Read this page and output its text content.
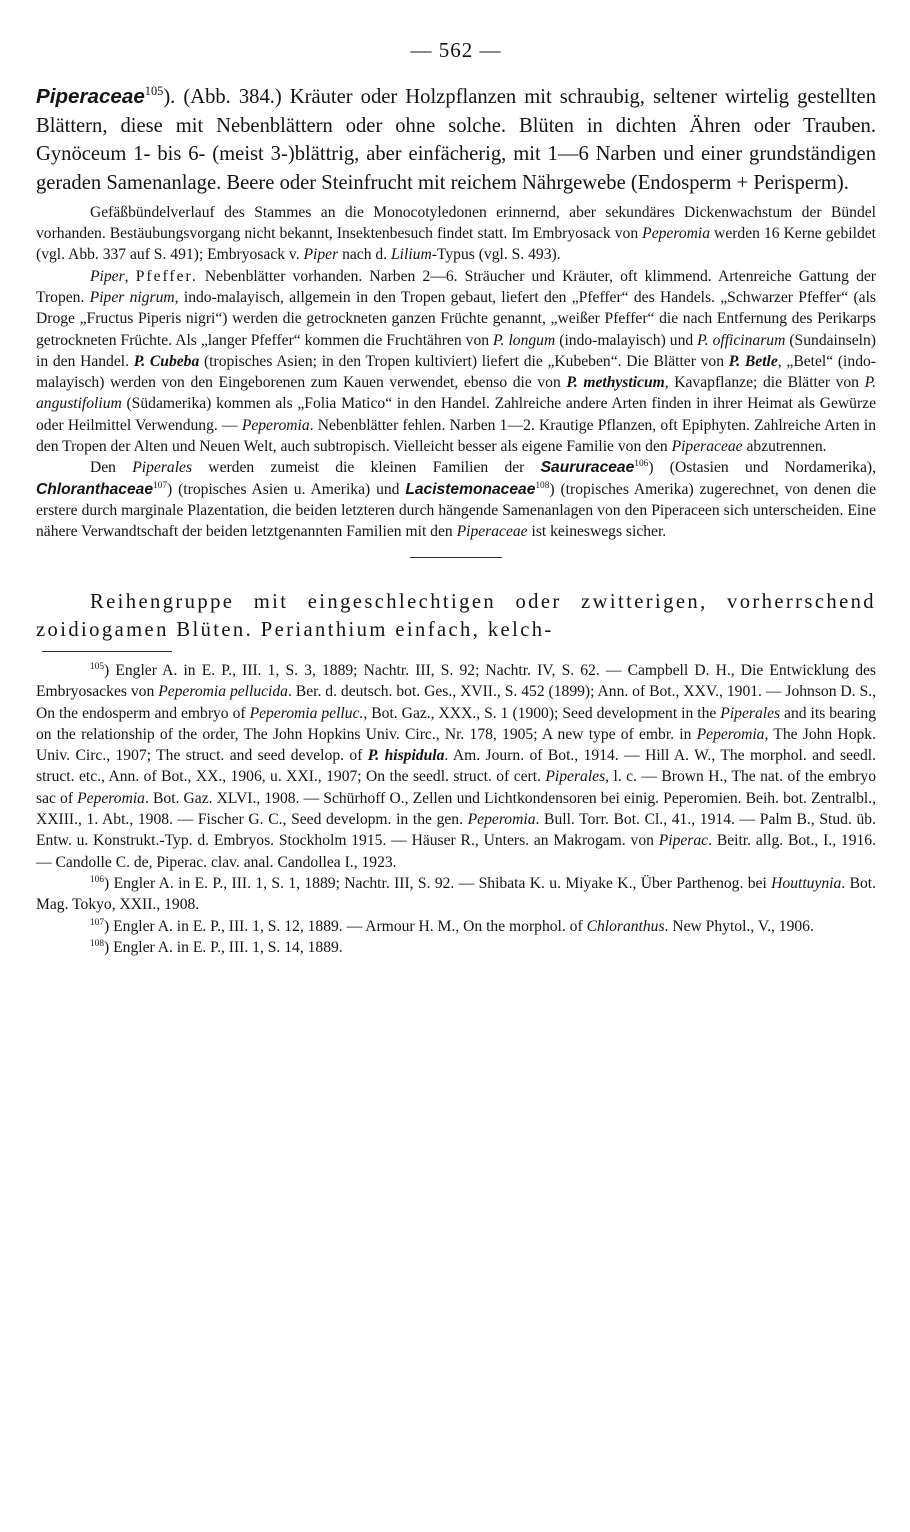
— 562 —

Piperaceae$^{105}$). (Abb. 384.) Kräuter oder Holzpflanzen mit schraubig, seltener wirtelig gestellten Blättern, diese mit Nebenblättern oder ohne solche. Blüten in dichten Ähren oder Trauben. Gynöceum 1- bis 6- (meist 3-)blättrig, aber einfächerig, mit 1—6 Narben und einer grundständigen geraden Samenanlage. Beere oder Steinfrucht mit reichem Nährgewebe (Endosperm + Perisperm).

Gefäßbündelverlauf des Stammes an die Monocotyledonen erinnernd, aber sekundäres Dickenwachstum der Bündel vorhanden. Bestäubungsvorgang nicht bekannt, Insektenbesuch findet statt. Im Embryosack von Peperomia werden 16 Kerne gebildet (vgl. Abb. 337 auf S. 491); Embryosack v. Piper nach d. Lilium-Typus (vgl. S. 493).

Piper, Pfeffer. Nebenblätter vorhanden. Narben 2—6. Sträucher und Kräuter, oft klimmend. Artenreiche Gattung der Tropen. Piper nigrum, indo-malayisch, allgemein in den Tropen gebaut, liefert den „Pfeffer“ des Handels. „Schwarzer Pfeffer“ (als Droge „Fructus Piperis nigri“) werden die getrockneten ganzen Früchte genannt, „weißer Pfeffer“ die nach Entfernung des Perikarps getrockneten Früchte. Als „langer Pfeffer“ kommen die Fruchtähren von P. longum (indo-malayisch) und P. officinarum (Sundainseln) in den Handel. P. Cubeba (tropisches Asien; in den Tropen kultiviert) liefert die „Kubeben“. Die Blätter von P. Betle, „Betel“ (indo-malayisch) werden von den Eingeborenen zum Kauen verwendet, ebenso die von P. methysticum, Kavapflanze; die Blätter von P. angustifolium (Südamerika) kommen als „Folia Matico“ in den Handel. Zahlreiche andere Arten finden in ihrer Heimat als Gewürze oder Heilmittel Verwendung. — Peperomia. Nebenblätter fehlen. Narben 1—2. Krautige Pflanzen, oft Epiphyten. Zahlreiche Arten in den Tropen der Alten und Neuen Welt, auch subtropisch. Vielleicht besser als eigene Familie von den Piperaceae abzutrennen.

Den Piperales werden zumeist die kleinen Familien der Saururaceae$^{106}$) (Ostasien und Nordamerika), Chloranthaceae$^{107}$) (tropisches Asien u. Amerika) und Lacistemonaceae$^{108}$) (tropisches Amerika) zugerechnet, von denen die erstere durch marginale Plazentation, die beiden letzteren durch hängende Samenanlagen von den Piperaceen sich unterscheiden. Eine nähere Verwandtschaft der beiden letztgenannten Familien mit den Piperaceae ist keineswegs sicher.

Reihengruppe mit eingeschlechtigen oder zwitterigen, vorherrschend zoidiogamen Blüten. Perianthium einfach, kelch-

$^{105}$) Engler A. in E. P., III. 1, S. 3, 1889; Nachtr. III, S. 92; Nachtr. IV, S. 62. — Campbell D. H., Die Entwicklung des Embryosackes von Peperomia pellucida. Ber. d. deutsch. bot. Ges., XVII., S. 452 (1899); Ann. of Bot., XXV., 1901. — Johnson D. S., On the endosperm and embryo of Peperomia pelluc., Bot. Gaz., XXX., S. 1 (1900); Seed development in the Piperales and its bearing on the relationship of the order, The John Hopkins Univ. Circ., Nr. 178, 1905; A new type of embr. in Peperomia, The John Hopk. Univ. Circ., 1907; The struct. and seed develop. of P. hispidula. Am. Journ. of Bot., 1914. — Hill A. W., The morphol. and seedl. struct. etc., Ann. of Bot., XX., 1906, u. XXI., 1907; On the seedl. struct. of cert. Piperales, l. c. — Brown H., The nat. of the embryo sac of Peperomia. Bot. Gaz. XLVI., 1908. — Schürhoff O., Zellen und Lichtkondensoren bei einig. Peperomien. Beih. bot. Zentralbl., XXIII., 1. Abt., 1908. — Fischer G. C., Seed developm. in the gen. Peperomia. Bull. Torr. Bot. Cl., 41., 1914. — Palm B., Stud. üb. Entw. u. Konstrukt.-Typ. d. Embryos. Stockholm 1915. — Häuser R., Unters. an Makrogam. von Piperac. Beitr. allg. Bot., I., 1916. — Candolle C. de, Piperac. clav. anal. Candollea I., 1923.

$^{106}$) Engler A. in E. P., III. 1, S. 1, 1889; Nachtr. III, S. 92. — Shibata K. u. Miyake K., Über Parthenog. bei Houttuynia. Bot. Mag. Tokyo, XXII., 1908.

$^{107}$) Engler A. in E. P., III. 1, S. 12, 1889. — Armour H. M., On the morphol. of Chloranthus. New Phytol., V., 1906.

$^{108}$) Engler A. in E. P., III. 1, S. 14, 1889.
